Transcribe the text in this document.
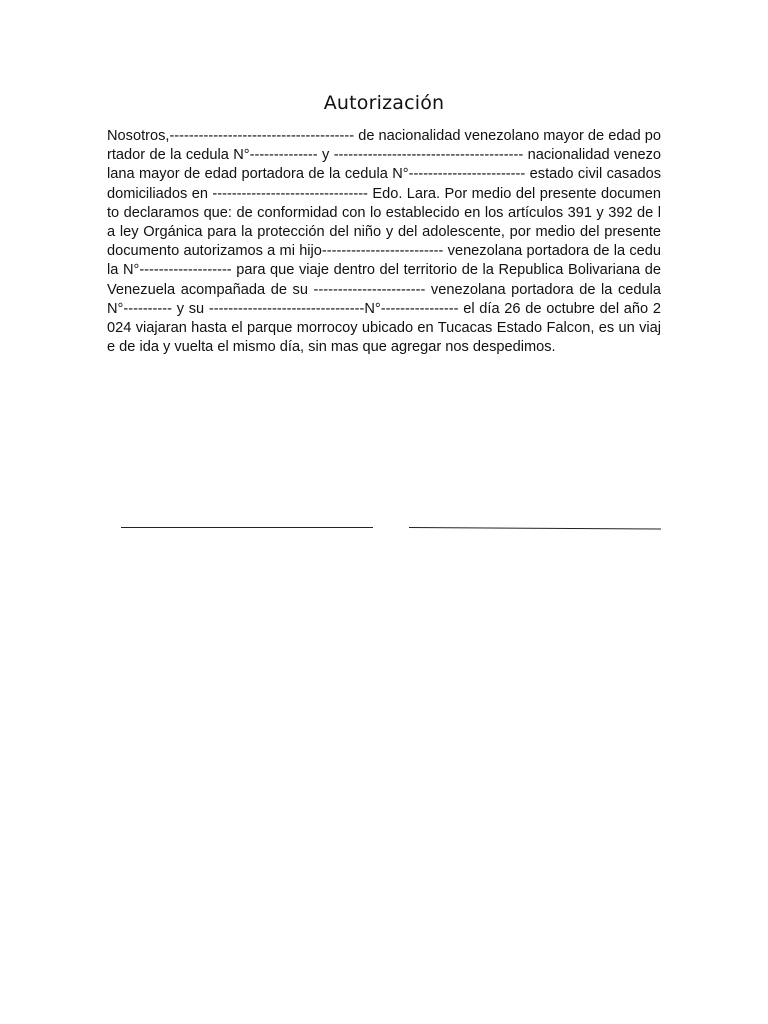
Autorización

Nosotros,-------------------------------------- de nacionalidad venezolano mayor de edad portador de la cedula N°-------------- y --------------------------------------- nacionalidad venezolana mayor de edad portadora de la cedula N°------------------------ estado civil casados domiciliados en -------------------------------- Edo. Lara. Por medio del presente documento declaramos que: de conformidad con lo establecido en los artículos 391 y 392 de la ley Orgánica para la protección del niño y del adolescente, por medio del presente documento autorizamos a mi hijo------------------------- venezolana portadora de la cedula N°------------------- para que viaje dentro del territorio de la Republica Bolivariana de Venezuela acompañada de su ----------------------- venezolana portadora de la cedula N°---------- y su --------------------------------N°---------------- el día 26 de octubre del año 2024 viajaran hasta el parque morrocoy ubicado en Tucacas Estado Falcon, es un viaje de ida y vuelta el mismo día, sin mas que agregar nos despedimos.
